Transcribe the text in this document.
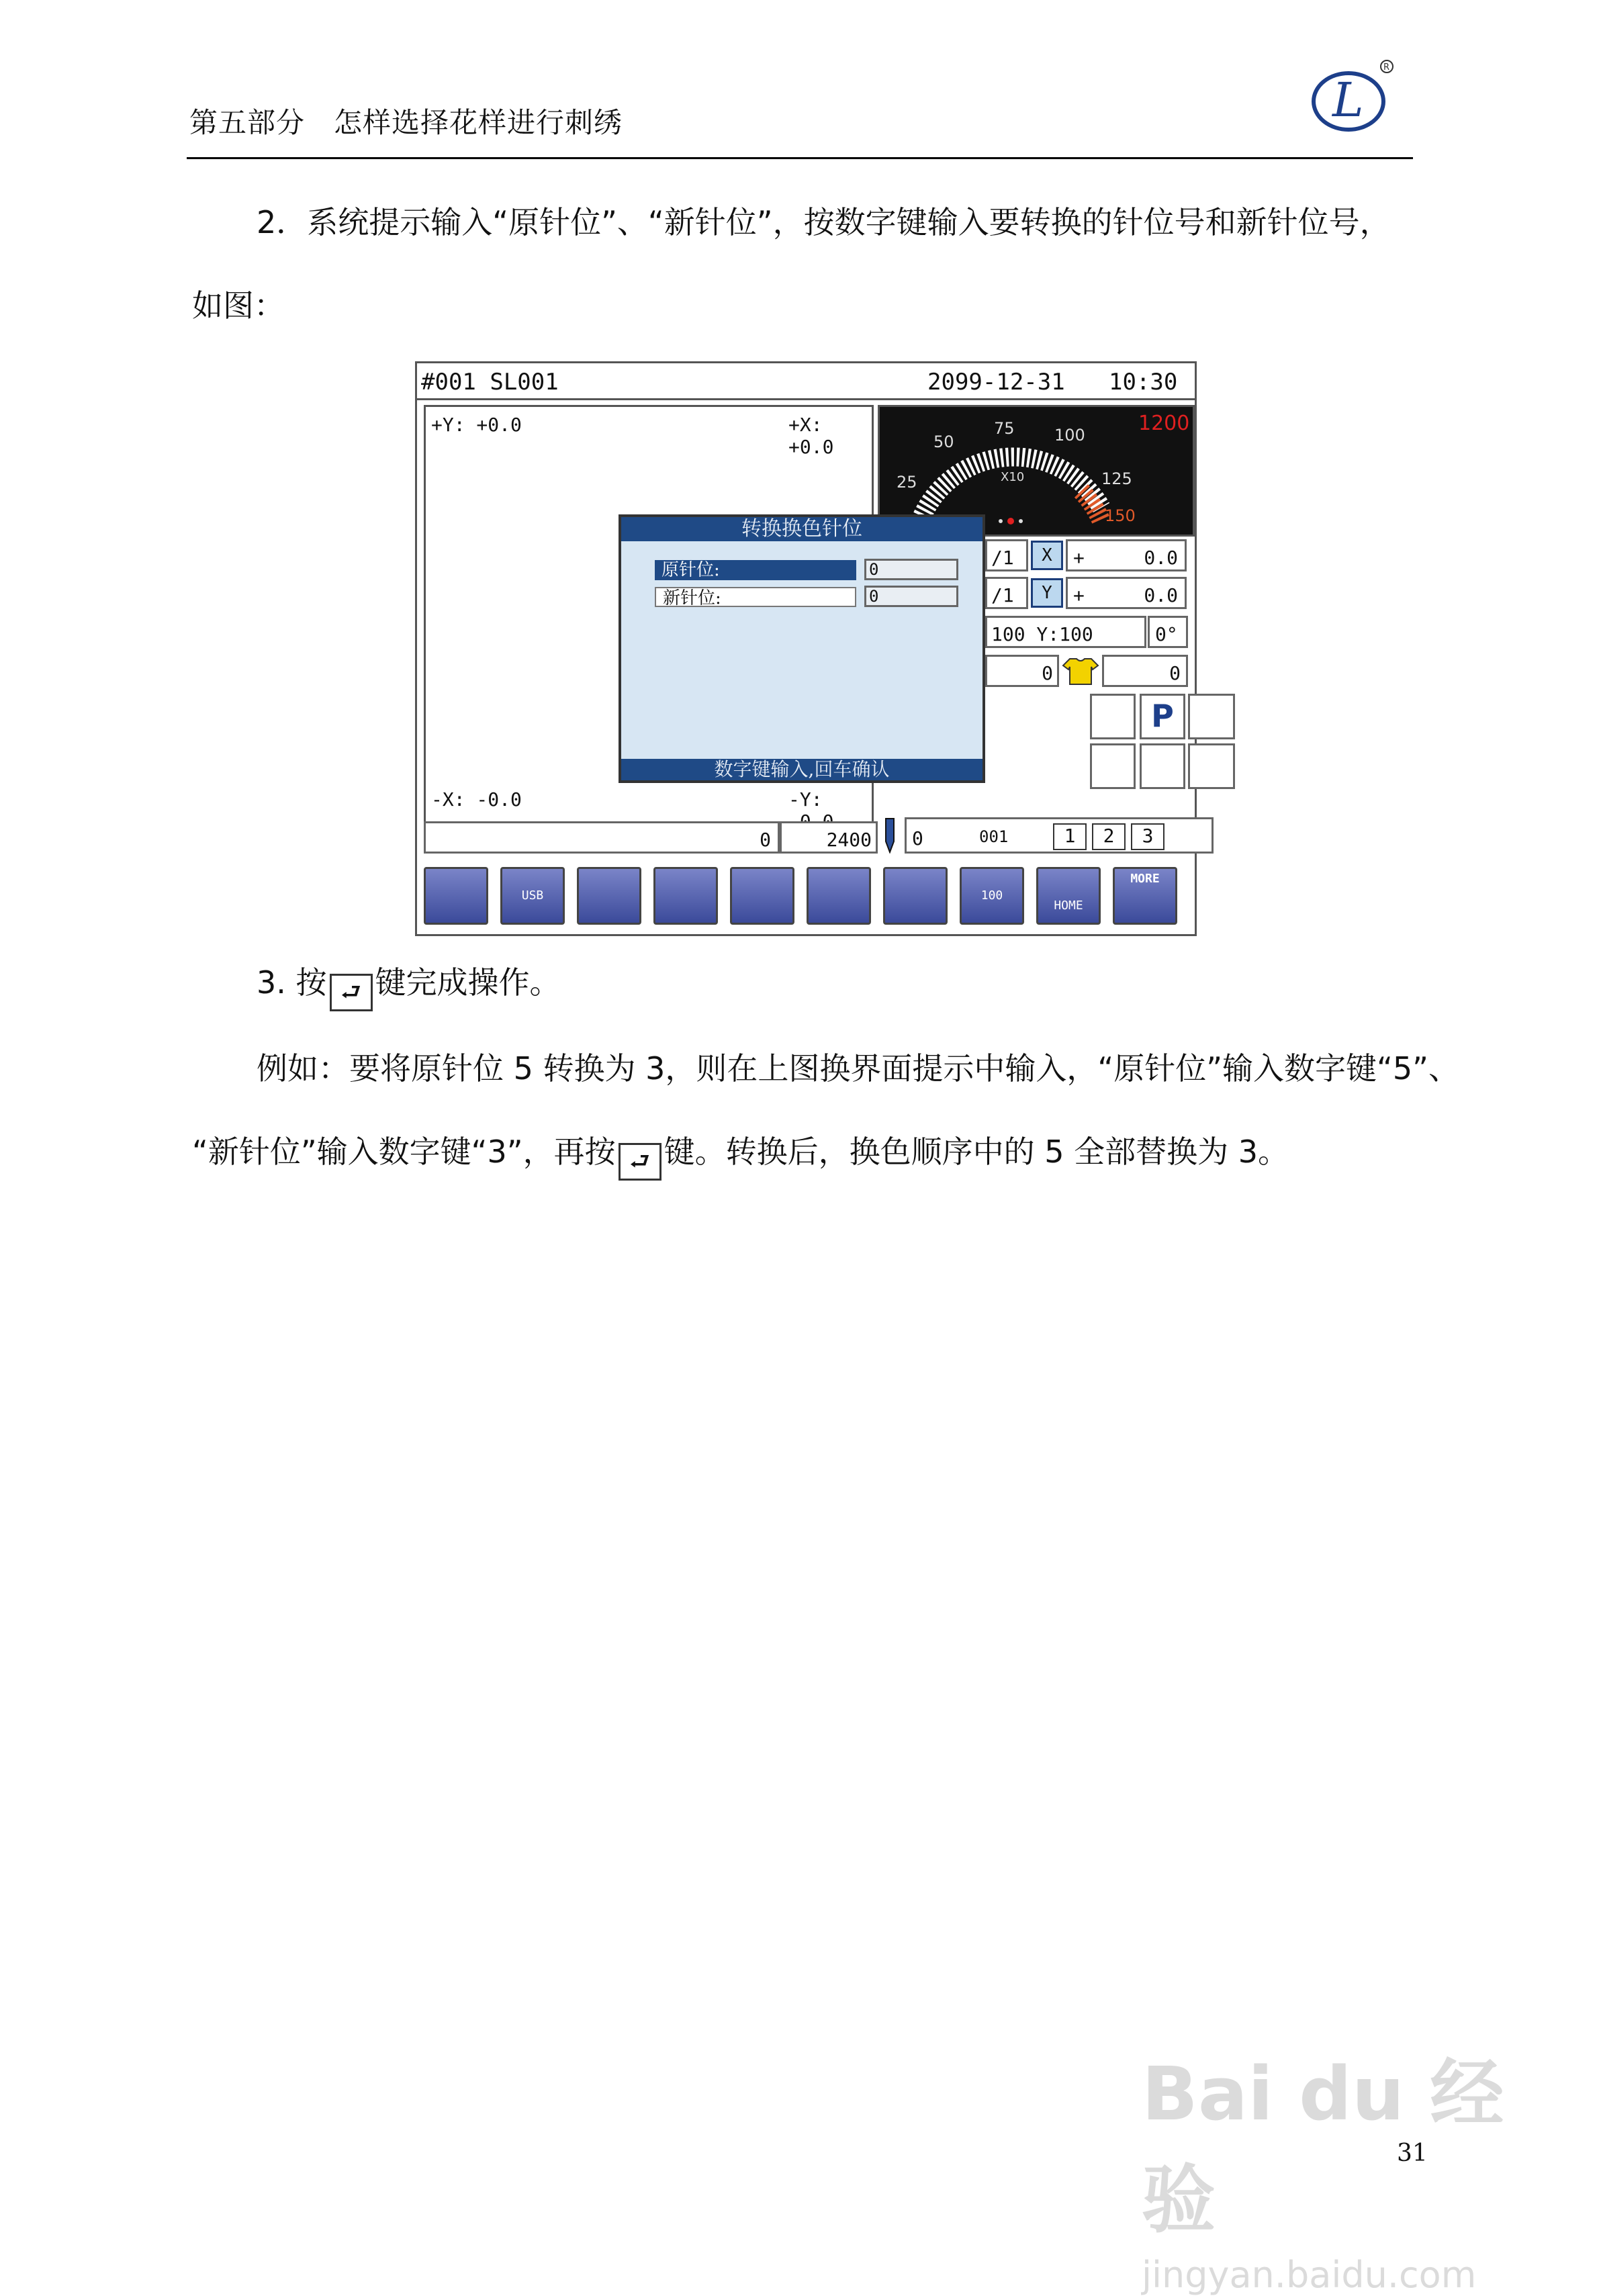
第五部分　怎样选择花样进行刺绣	L
R
2．系统提示输入“原针位”、“新针位”，按数字键输入要转换的针位号和新针位号，
如图：
#001 SL001	2099-12-31 10:30
+Y: +0.0	+X: +0.0
-X: -0.0	-Y:
0	2400
25
50
75 100
125
150
X10
1200
/1	X	+	0.0
/1	Y	+	0.0
100 Y:100	0°
0	0
P
0	001	1	2	3
转换换色针位
原针位:	0
新针位:	0
数字键输入,回车确认
USB	100
HOME
MORE
3. 按 ⮐ 键完成操作。
例如：要将原针位 5 转换为 3，则在上图换界面提示中输入，“原针位”输入数字键“5”、
“新针位”输入数字键“3”，再按 ⮐ 键。转换后，换色顺序中的 5 全部替换为 3。
31
Bai du 经验
jingyan.baidu.com
